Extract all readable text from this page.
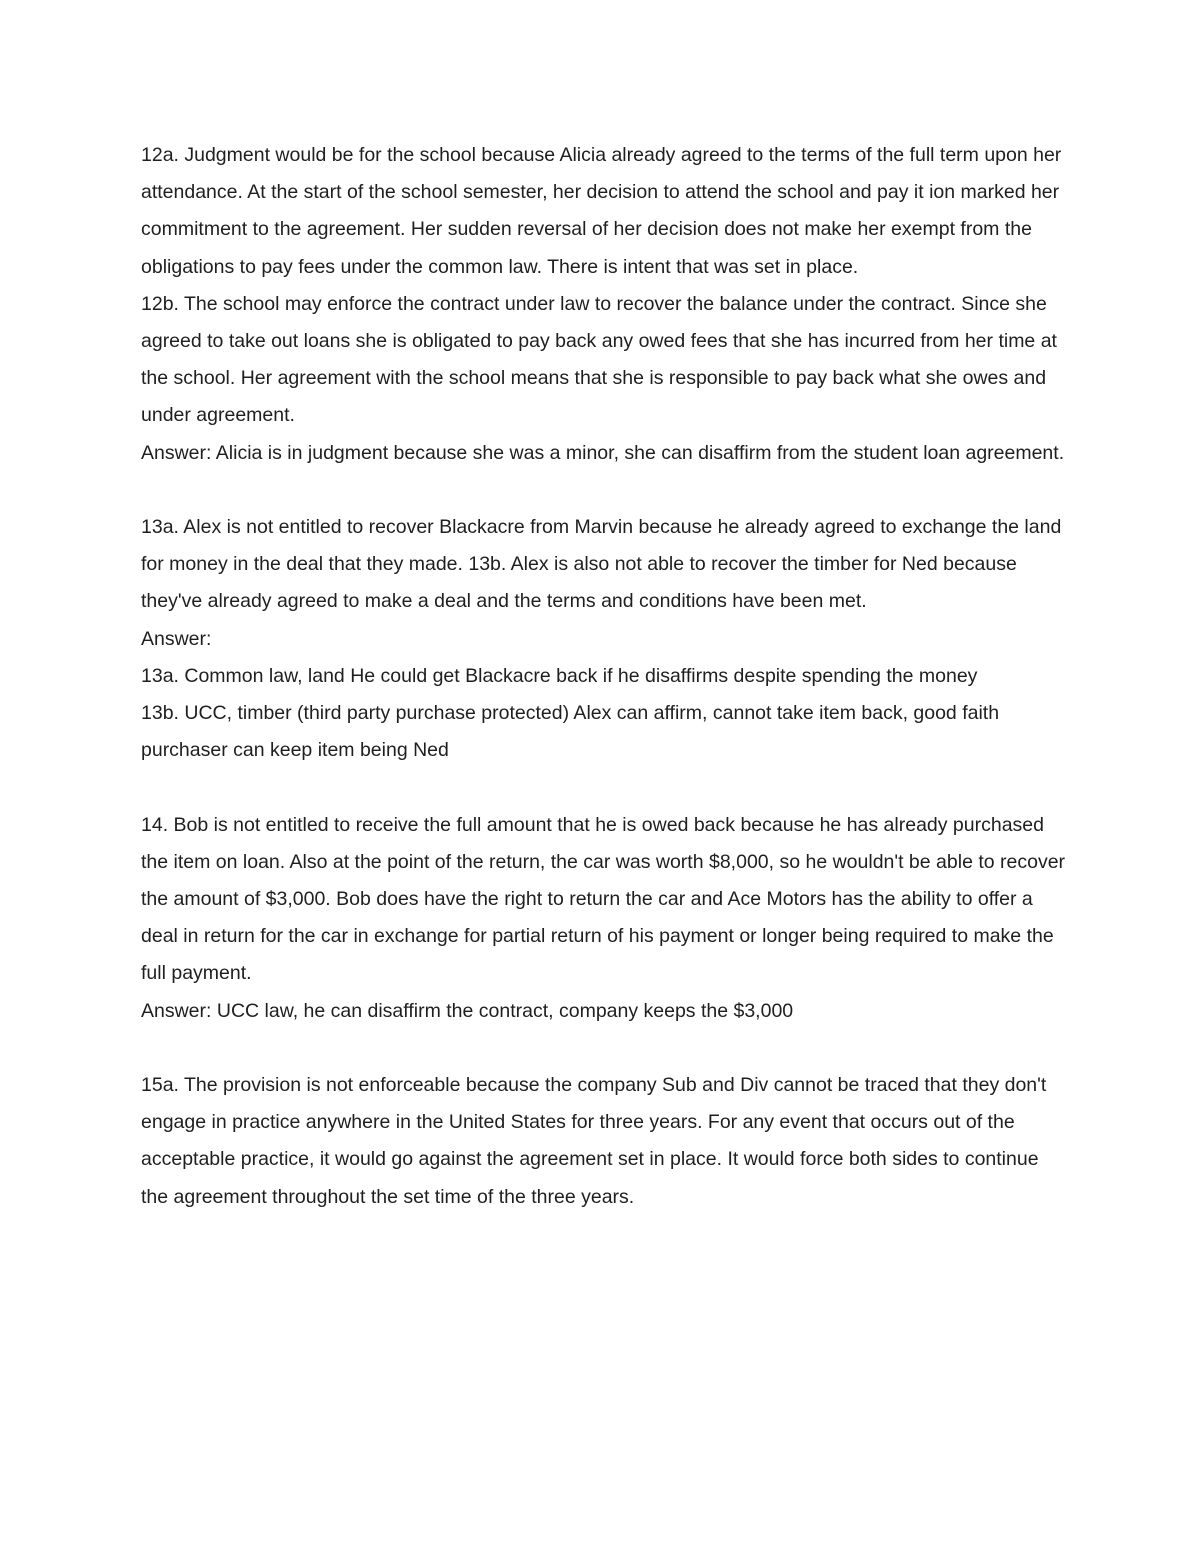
12a. Judgment would be for the school because Alicia already agreed to the terms of the full term upon her attendance. At the start of the school semester, her decision to attend the school and pay it ion marked her commitment to the agreement. Her sudden reversal of her decision does not make her exempt from the obligations to pay fees under the common law. There is intent that was set in place.

12b. The school may enforce the contract under law to recover the balance under the contract. Since she agreed to take out loans she is obligated to pay back any owed fees that she has incurred from her time at the school. Her agreement with the school means that she is responsible to pay back what she owes and under agreement.

Answer: Alicia is in judgment because she was a minor, she can disaffirm from the student loan agreement.

13a. Alex is not entitled to recover Blackacre from Marvin because he already agreed to exchange the land for money in the deal that they made. 13b. Alex is also not able to recover the timber for Ned because they've already agreed to make a deal and the terms and conditions have been met.

Answer:

13a. Common law, land He could get Blackacre back if he disaffirms despite spending the money

13b. UCC, timber (third party purchase protected) Alex can affirm, cannot take item back, good faith purchaser can keep item being Ned

14. Bob is not entitled to receive the full amount that he is owed back because he has already purchased the item on loan. Also at the point of the return, the car was worth $8,000, so he wouldn't be able to recover the amount of $3,000. Bob does have the right to return the car and Ace Motors has the ability to offer a deal in return for the car in exchange for partial return of his payment or longer being required to make the full payment.

Answer: UCC law, he can disaffirm the contract, company keeps the $3,000

15a. The provision is not enforceable because the company Sub and Div cannot be traced that they don't engage in practice anywhere in the United States for three years. For any event that occurs out of the acceptable practice, it would go against the agreement set in place. It would force both sides to continue the agreement throughout the set time of the three years.
